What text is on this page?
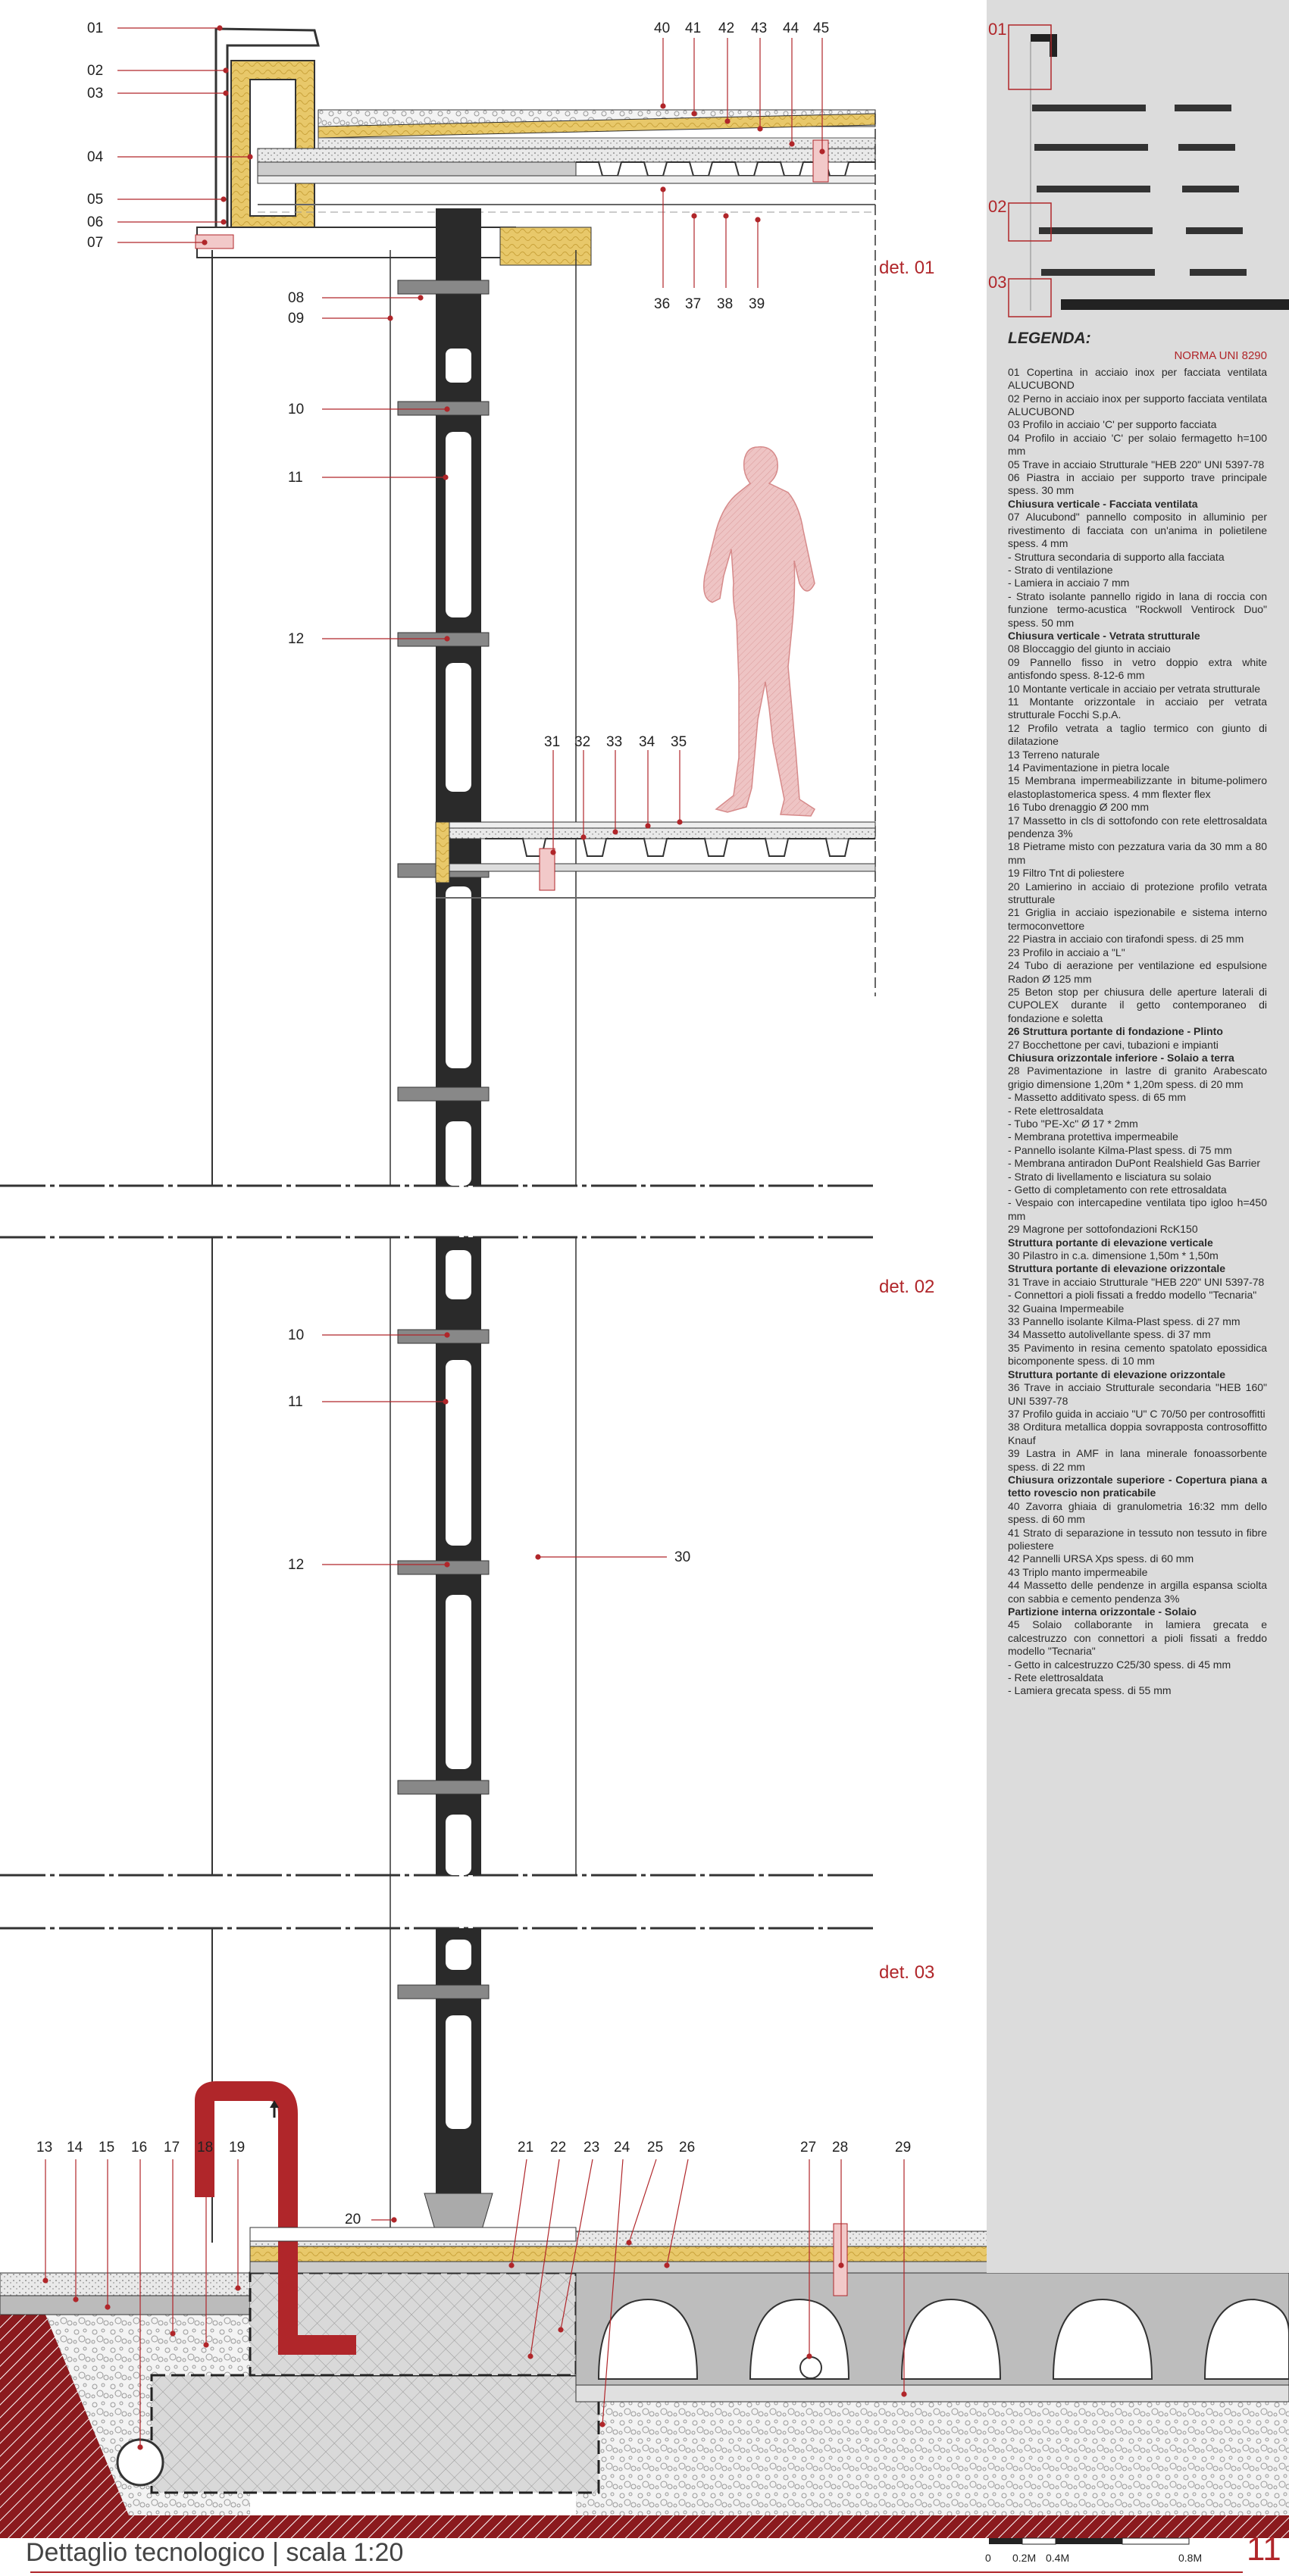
01
02
03
01
02
03
04
05
06
07
08
09
10
11
12
40 41 42 43 44 45
36 37 38 39
31 32 33 34 35
10
11
12	30
13 14 15 16 17 18 19
20
21 22 23 24 25 26	27 28	29
det. 01
det. 02
det. 03
LEGENDA:
NORMA UNI 8290
01 Copertina in acciaio inox per facciata ventilata ALUCUBOND
02 Perno in acciaio inox per supporto facciata ventilata ALUCUBOND
03 Profilo in acciaio 'C' per supporto facciata
04 Profilo in acciaio 'C' per solaio fermagetto h=100 mm
05 Trave in acciaio Strutturale "HEB 220" UNI 5397-78
06 Piastra in acciaio per supporto trave principale spess. 30 mm
Chiusura verticale - Facciata ventilata
07 Alucubond" pannello composito in alluminio per rivestimento di facciata con un'anima in polietilene spess. 4 mm
- Struttura secondaria di supporto alla facciata
- Strato di ventilazione
- Lamiera in acciaio 7 mm
- Strato isolante pannello rigido in lana di roccia con funzione termo-acustica "Rockwoll Ventirock Duo" spess. 50 mm
Chiusura verticale - Vetrata strutturale
08 Bloccaggio del giunto in acciaio
09 Pannello fisso in vetro doppio extra white antisfondo spess. 8-12-6 mm
10 Montante verticale in acciaio per vetrata strutturale
11 Montante orizzontale in acciaio per vetrata strutturale Focchi S.p.A.
12 Profilo vetrata a taglio termico con giunto di dilatazione
13 Terreno naturale
14 Pavimentazione in pietra locale
15 Membrana impermeabilizzante in bitume-polimero elastoplastomerica spess. 4 mm flexter flex
16 Tubo drenaggio Ø 200 mm
17 Massetto in cls di sottofondo con rete elettrosaldata pendenza 3%
18 Pietrame misto con pezzatura varia da 30 mm a 80 mm
19 Filtro Tnt di poliestere
20 Lamierino in acciaio di protezione profilo vetrata strutturale
21 Griglia in acciaio ispezionabile e sistema interno termoconvettore
22 Piastra in acciaio con tirafondi spess. di 25 mm
23 Profilo in acciaio a "L"
24 Tubo di aerazione per ventilazione ed espulsione Radon Ø 125 mm
25 Beton stop per chiusura delle aperture laterali di CUPOLEX durante il getto contemporaneo di fondazione e soletta
26 Struttura portante di fondazione - Plinto
27 Bocchettone per cavi, tubazioni e impianti
Chiusura orizzontale inferiore - Solaio a terra
28 Pavimentazione in lastre di granito Arabescato grigio dimensione 1,20m * 1,20m spess. di 20 mm
- Massetto additivato spess. di 65 mm
- Rete elettrosaldata
- Tubo "PE-Xc" Ø 17 * 2mm
- Membrana protettiva impermeabile
- Pannello isolante Kilma-Plast spess. di 75 mm
- Membrana antiradon DuPont Realshield Gas Barrier
- Strato di livellamento e lisciatura su solaio
- Getto di completamento con rete ettrosaldata
- Vespaio con intercapedine ventilata tipo igloo h=450 mm
29 Magrone per sottofondazioni RcK150
Struttura portante di elevazione verticale
30 Pilastro in c.a. dimensione 1,50m * 1,50m
Struttura portante di elevazione orizzontale
31 Trave in acciaio Strutturale "HEB 220" UNI 5397-78
- Connettori a pioli fissati a freddo modello "Tecnaria"
32 Guaina Impermeabile
33 Pannello isolante Kilma-Plast spess. di 27 mm
34 Massetto autolivellante spess. di 37 mm
35 Pavimento in resina cemento spatolato epossidica bicomponente spess. di 10 mm
Struttura portante di elevazione orizzontale
36 Trave in acciaio Strutturale secondaria "HEB 160" UNI 5397-78
37 Profilo guida in acciaio "U" C 70/50 per controsoffitti
38 Orditura metallica doppia sovrapposta controsoffitto Knauf
39 Lastra in AMF in lana minerale fonoassorbente spess. di 22 mm
Chiusura orizzontale superiore - Copertura piana a tetto rovescio non praticabile
40 Zavorra ghiaia di granulometria 16:32 mm dello spess. di 60 mm
41 Strato di separazione in tessuto non tessuto in fibre poliestere
42 Pannelli URSA Xps spess. di 60 mm
43 Triplo manto impermeabile
44 Massetto delle pendenze in argilla espansa sciolta con sabbia e cemento pendenza 3%
Partizione interna orizzontale - Solaio
45 Solaio collaborante in lamiera grecata e calcestruzzo con connettori a pioli fissati a freddo modello "Tecnaria"
- Getto in calcestruzzo C25/30 spess. di 45 mm
- Rete elettrosaldata
- Lamiera grecata spess. di 55 mm
Dettaglio tecnologico | scala 1:20	11
0 0.2M 0.4M	0.8M
